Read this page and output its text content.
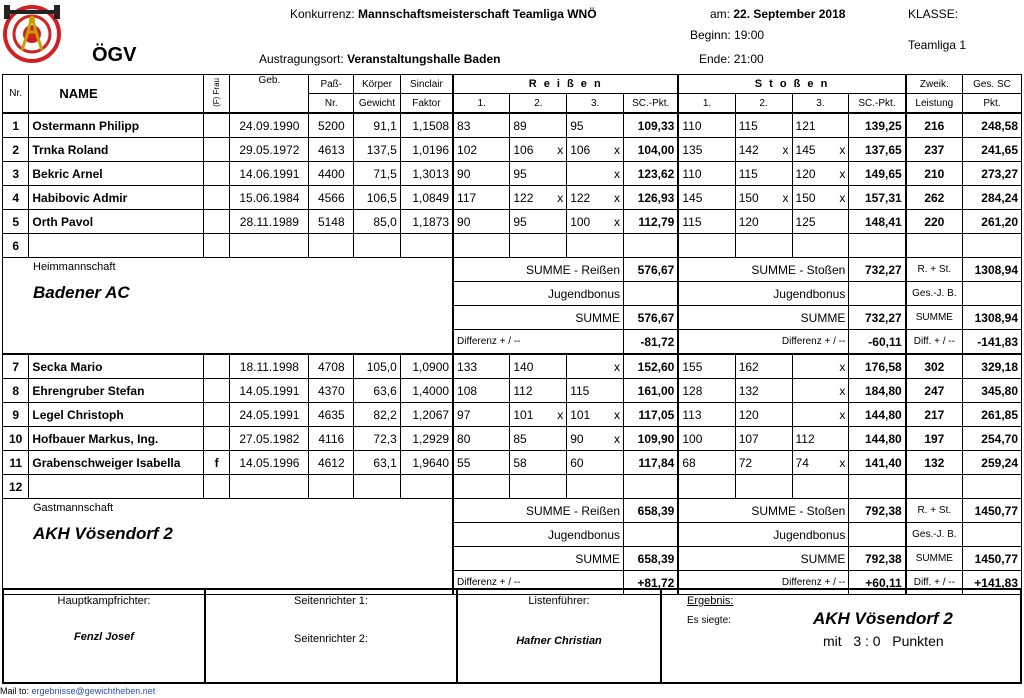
ÖGV
Konkurrenz: Mannschaftsmeisterschaft Teamliga WNÖ	am: 22. September 2018	KLASSE:
Beginn: 19:00
Teamliga 1
Austragungsort: Veranstaltungshalle Baden	Ende: 21:00
Nr.	NAME	(F) Frau	Geb.	Paß-	Körper	Sinclair	R e i ß e n				S t o ß e n				Zweik.	Ges. SC
				Nr.	Gewicht	Faktor	1.	2.	3.	SC.-Pkt.	1.	2.	3.	SC.-Pkt.	Leistung	Pkt.
1	Ostermann Philipp		24.09.1990	5200	91,1	1,1508	83	89	95	109,33	110	115	121	139,25	216	248,58
2	Trnka Roland		29.05.1972	4613	137,5	1,0196	102	106 x	106 x	104,00	135	142 x	145 x	137,65	237	241,65
3	Bekric Arnel		14.06.1991	4400	71,5	1,3013	90	95	x	123,62	110	115	120 x	149,65	210	273,27
4	Habibovic Admir		15.06.1984	4566	106,5	1,0849	117	122 x	122 x	126,93	145	150 x	150 x	157,31	262	284,24
5	Orth Pavol		28.11.1989	5148	85,0	1,1873	90	95	100 x	112,79	115	120	125	148,41	220	261,20
6							

Heimmannschaft
Badener AC							SUMME - Reißen			576,67	SUMME - Stoßen			732,27	R. + St.	1308,94
							Jugendbonus				Jugendbonus				Ges.-J. B.	
							SUMME			576,67	SUMME			732,27	SUMME	1308,94
							Differenz + / --			-81,72	Differenz + / --			-60,11	Diff. + / --	-141,83
7	Secka Mario		18.11.1998	4708	105,0	1,0900	133	140	x	152,60	155	162	x	176,58	302	329,18
8	Ehrengruber Stefan		14.05.1991	4370	63,6	1,4000	108	112	115	161,00	128	132	x	184,80	247	345,80
9	Legel Christoph		24.05.1991	4635	82,2	1,2067	97	101 x	101 x	117,05	113	120	x	144,80	217	261,85
10	Hofbauer Markus, Ing.		27.05.1982	4116	72,3	1,2929	80	85	90 x	109,90	100	107	112	144,80	197	254,70
11	Grabenschweiger Isabella	f	14.05.1996	4612	63,1	1,9640	55	58	60	117,84	68	72	74 x	141,40	132	259,24
12							

Gastmannschaft
AKH Vösendorf 2							SUMME - Reißen			658,39	SUMME - Stoßen			792,38	R. + St.	1450,77
							Jugendbonus				Jugendbonus				Ges.-J. B.	
							SUMME			658,39	SUMME			792,38	SUMME	1450,77
							Differenz + / --			+81,72	Differenz + / --			+60,11	Diff. + / --	+141,83
Hauptkampfrichter:
Fenzl Josef

Seitenrichter 1:
Seitenrichter 2:

Listenführer:
Hafner Christian

Ergebnis:
Es siegte:	AKH Vösendorf 2
mit 3 : 0 Punkten
Mail to: ergebnisse@gewichtheben.net
